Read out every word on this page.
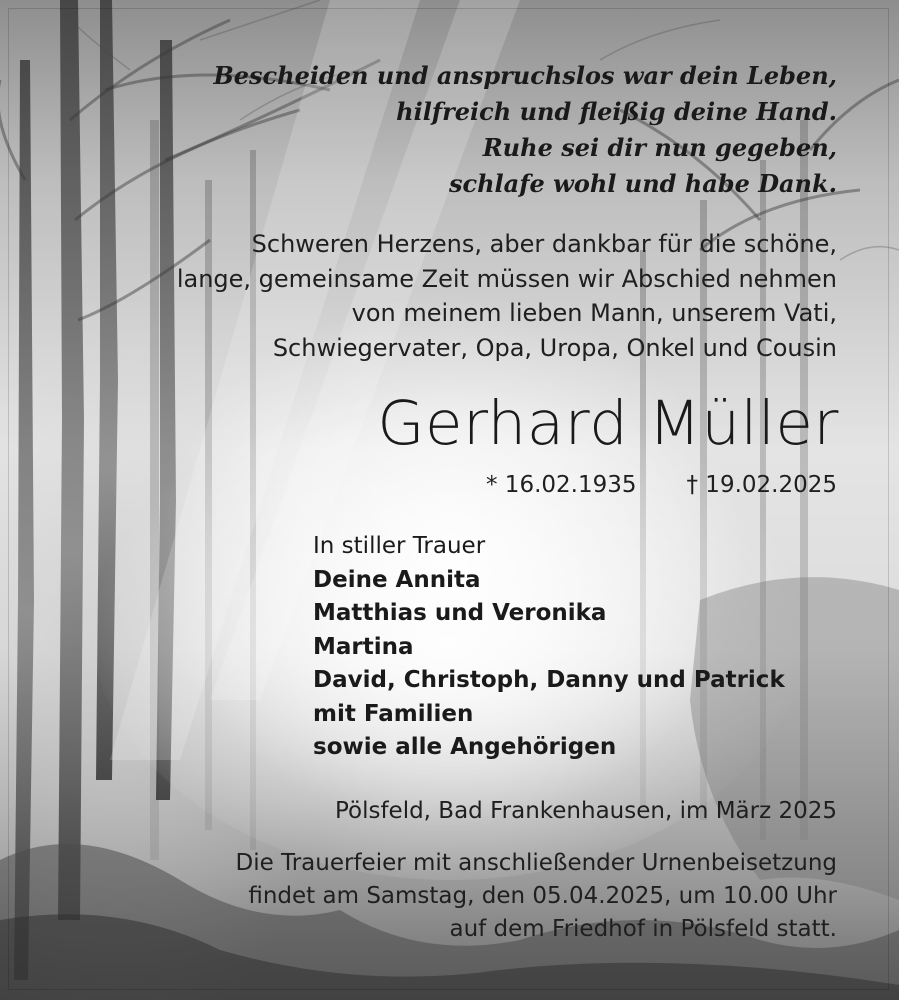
Bescheiden und anspruchslos war dein Leben,
hilfreich und fleißig deine Hand.
Ruhe sei dir nun gegeben,
schlafe wohl und habe Dank.
Schweren Herzens, aber dankbar für die schöne,
lange, gemeinsame Zeit müssen wir Abschied nehmen
von meinem lieben Mann, unserem Vati,
Schwiegervater, Opa, Uropa, Onkel und Cousin
Gerhard Müller
* 16.02.1935 † 19.02.2025
In stiller Trauer
Deine Annita
Matthias und Veronika
Martina
David, Christoph, Danny und Patrick
mit Familien
sowie alle Angehörigen
Pölsfeld, Bad Frankenhausen, im März 2025
Die Trauerfeier mit anschließender Urnenbeisetzung
findet am Samstag, den 05.04.2025, um 10.00 Uhr
auf dem Friedhof in Pölsfeld statt.
